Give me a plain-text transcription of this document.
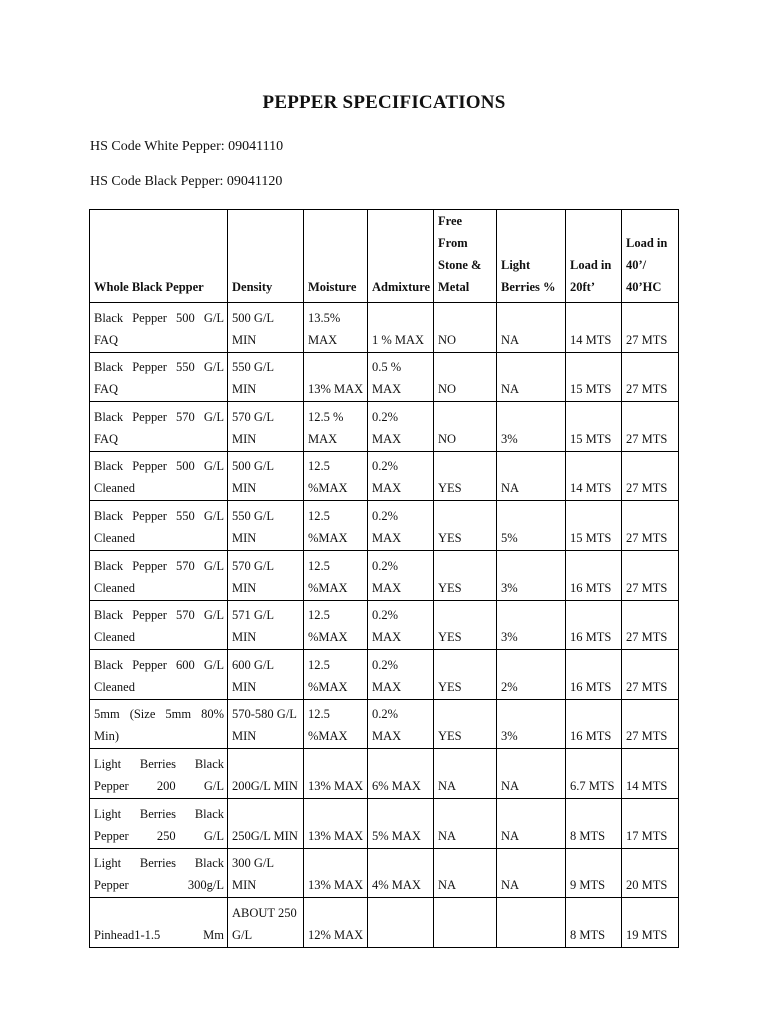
PEPPER SPECIFICATIONS
HS Code White Pepper: 09041110
HS Code Black Pepper: 09041120
Whole Black Pepper	Density	Moisture	Admixture	Free From Stone & Metal	Light Berries %	Load in 20ft’	Load in 40’/ 40’HC

Black Pepper 500 G/L FAQ	500 G/L MIN	13.5% MAX	1 % MAX	NO	NA	14 MTS	27 MTS

Black Pepper 550 G/L FAQ	550 G/L MIN	13% MAX	0.5 % MAX	NO	NA	15 MTS	27 MTS

Black Pepper 570 G/L FAQ	570 G/L MIN	12.5 % MAX	0.2% MAX	NO	3%	15 MTS	27 MTS

Black Pepper 500 G/L Cleaned	500 G/L MIN	12.5 %MAX	0.2% MAX	YES	NA	14 MTS	27 MTS

Black Pepper 550 G/L Cleaned	550 G/L MIN	12.5 %MAX	0.2% MAX	YES	5%	15 MTS	27 MTS

Black Pepper 570 G/L Cleaned	570 G/L MIN	12.5 %MAX	0.2% MAX	YES	3%	16 MTS	27 MTS

Black Pepper 570 G/L Cleaned	571 G/L MIN	12.5 %MAX	0.2% MAX	YES	3%	16 MTS	27 MTS

Black Pepper 600 G/L Cleaned	600 G/L MIN	12.5 %MAX	0.2% MAX	YES	2%	16 MTS	27 MTS

5mm (Size 5mm 80% Min)	570-580 G/L MIN	12.5 %MAX	0.2% MAX	YES	3%	16 MTS	27 MTS

Light Berries Black Pepper 200 G/L	200G/L MIN	13% MAX	6% MAX	NA	NA	6.7 MTS	14 MTS

Light Berries Black Pepper 250 G/L	250G/L MIN	13% MAX	5% MAX	NA	NA	8 MTS	17 MTS

Light Berries Black Pepper 300g/L	300 G/L MIN	13% MAX	4% MAX	NA	NA	9 MTS	20 MTS

Pinhead1-1.5 Mm	ABOUT 250 G/L	12% MAX				8 MTS	19 MTS
